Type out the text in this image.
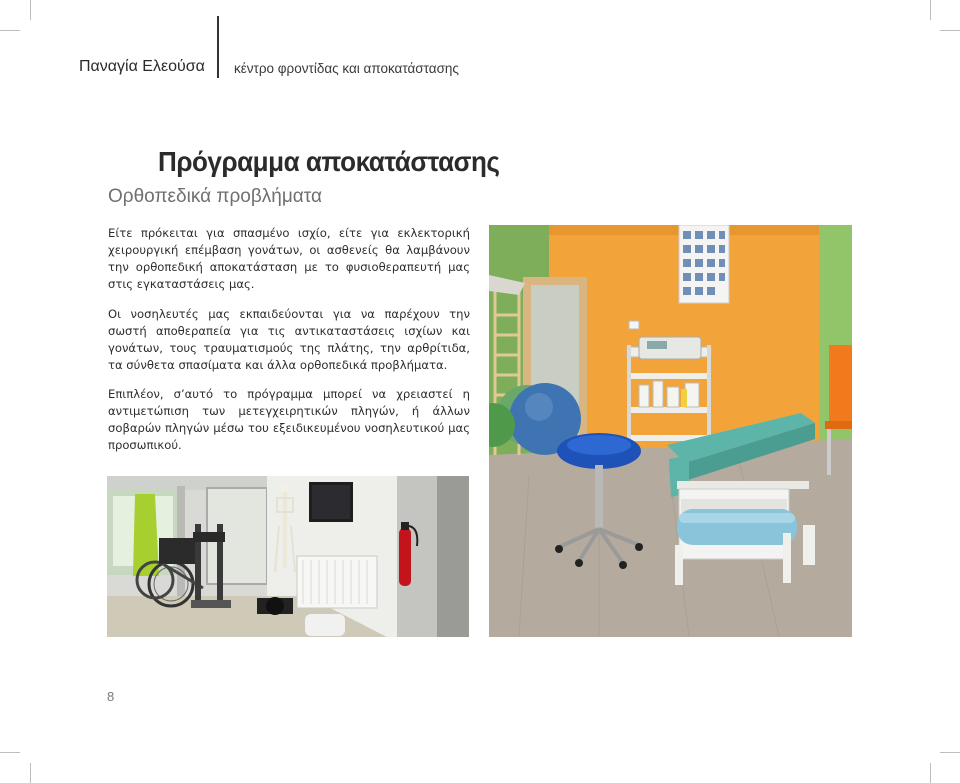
Παναγία Ελεούσα κέντρο φροντίδας και αποκατάστασης
Πρόγραμμα αποκατάστασης
Ορθοπεδικά προβλήματα

Είτε πρόκειται για σπασμένο ισχίο, είτε για εκλεκτορική χειρουργική επέμβαση γονάτων, οι ασθενείς θα λαμβάνουν την ορθοπεδική αποκατάσταση με το φυσιοθεραπευτή μας στις εγκαταστάσεις μας.

Οι νοσηλευτές μας εκπαιδεύονται για να παρέχουν την σωστή αποθεραπεία για τις αντικαταστάσεις ισχίων και γονάτων, τους τραυματισμούς της πλάτης, την αρθρίτιδα, τα σύνθετα σπασίματα και άλλα ορθοπεδικά προβλήματα.

Επιπλέον, σ’αυτό το πρόγραμμα μπορεί να χρειαστεί η αντιμετώπιση των μετεγχειρητικών πληγών, ή άλλων σοβαρών πληγών μέσω του εξειδικευμένου νοσηλευτικού μας προσωπικού.

8
